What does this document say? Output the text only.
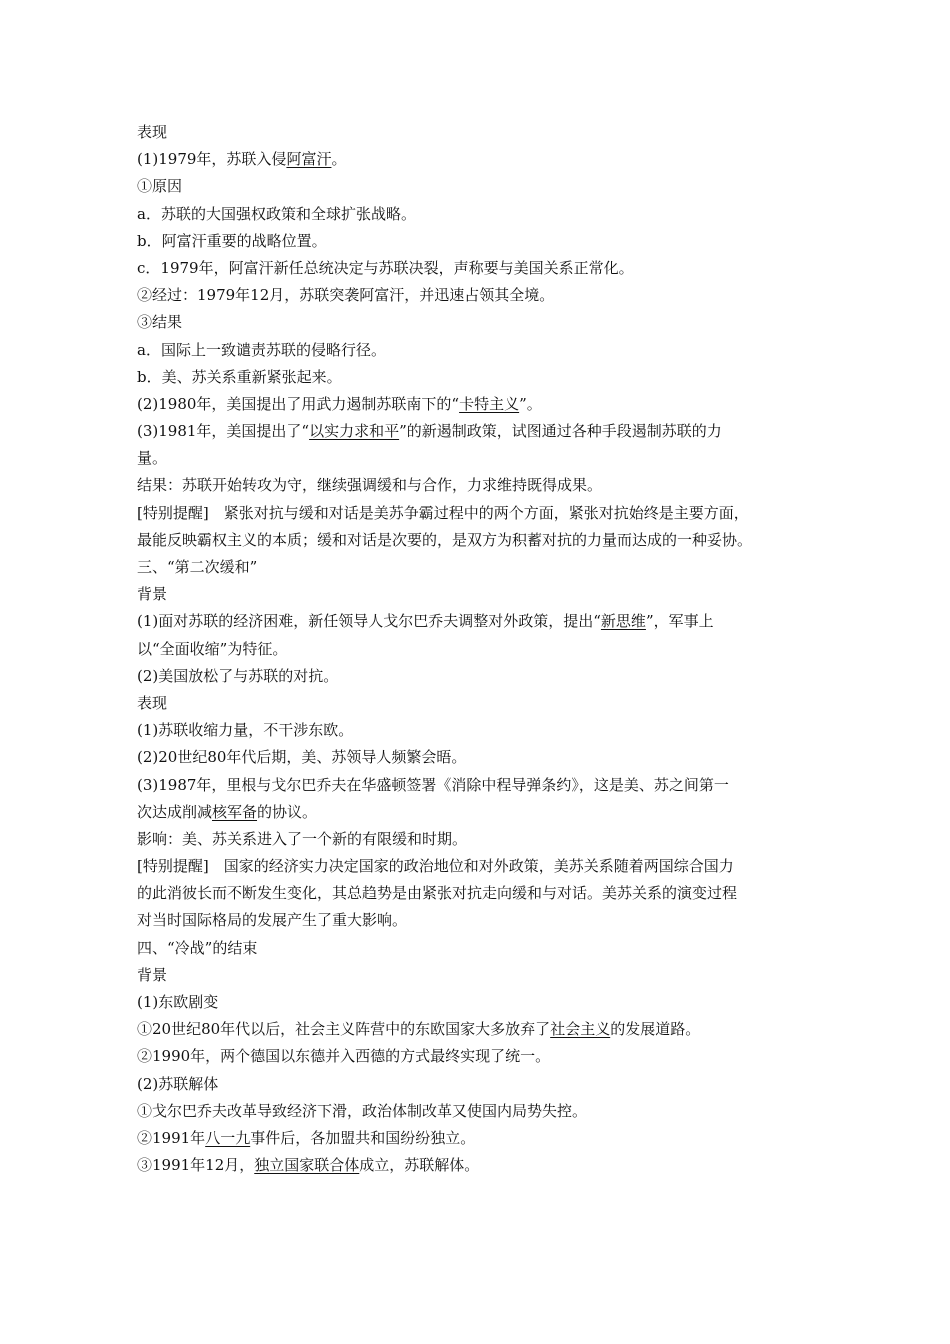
表现
(1)1979年，苏联入侵阿富汗。
①原因
a．苏联的大国强权政策和全球扩张战略。
b．阿富汗重要的战略位置。
c．1979年，阿富汗新任总统决定与苏联决裂，声称要与美国关系正常化。
②经过：1979年12月，苏联突袭阿富汗，并迅速占领其全境。
③结果
a．国际上一致谴责苏联的侵略行径。
b．美、苏关系重新紧张起来。
(2)1980年，美国提出了用武力遏制苏联南下的“卡特主义”。
(3)1981年，美国提出了“以实力求和平”的新遏制政策，试图通过各种手段遏制苏联的力
量。
结果：苏联开始转攻为守，继续强调缓和与合作，力求维持既得成果。
[特别提醒]　紧张对抗与缓和对话是美苏争霸过程中的两个方面，紧张对抗始终是主要方面，
最能反映霸权主义的本质；缓和对话是次要的，是双方为积蓄对抗的力量而达成的一种妥协。
三、“第二次缓和”
背景
(1)面对苏联的经济困难，新任领导人戈尔巴乔夫调整对外政策，提出“新思维”，军事上
以“全面收缩”为特征。
(2)美国放松了与苏联的对抗。
表现
(1)苏联收缩力量，不干涉东欧。
(2)20世纪80年代后期，美、苏领导人频繁会晤。
(3)1987年，里根与戈尔巴乔夫在华盛顿签署《消除中程导弹条约》，这是美、苏之间第一
次达成削减核军备的协议。
影响：美、苏关系进入了一个新的有限缓和时期。
[特别提醒]　国家的经济实力决定国家的政治地位和对外政策，美苏关系随着两国综合国力
的此消彼长而不断发生变化，其总趋势是由紧张对抗走向缓和与对话。美苏关系的演变过程
对当时国际格局的发展产生了重大影响。
四、“冷战”的结束
背景
(1)东欧剧变
①20世纪80年代以后，社会主义阵营中的东欧国家大多放弃了社会主义的发展道路。
②1990年，两个德国以东德并入西德的方式最终实现了统一。
(2)苏联解体
①戈尔巴乔夫改革导致经济下滑，政治体制改革又使国内局势失控。
②1991年八一九事件后，各加盟共和国纷纷独立。
③1991年12月，独立国家联合体成立，苏联解体。
